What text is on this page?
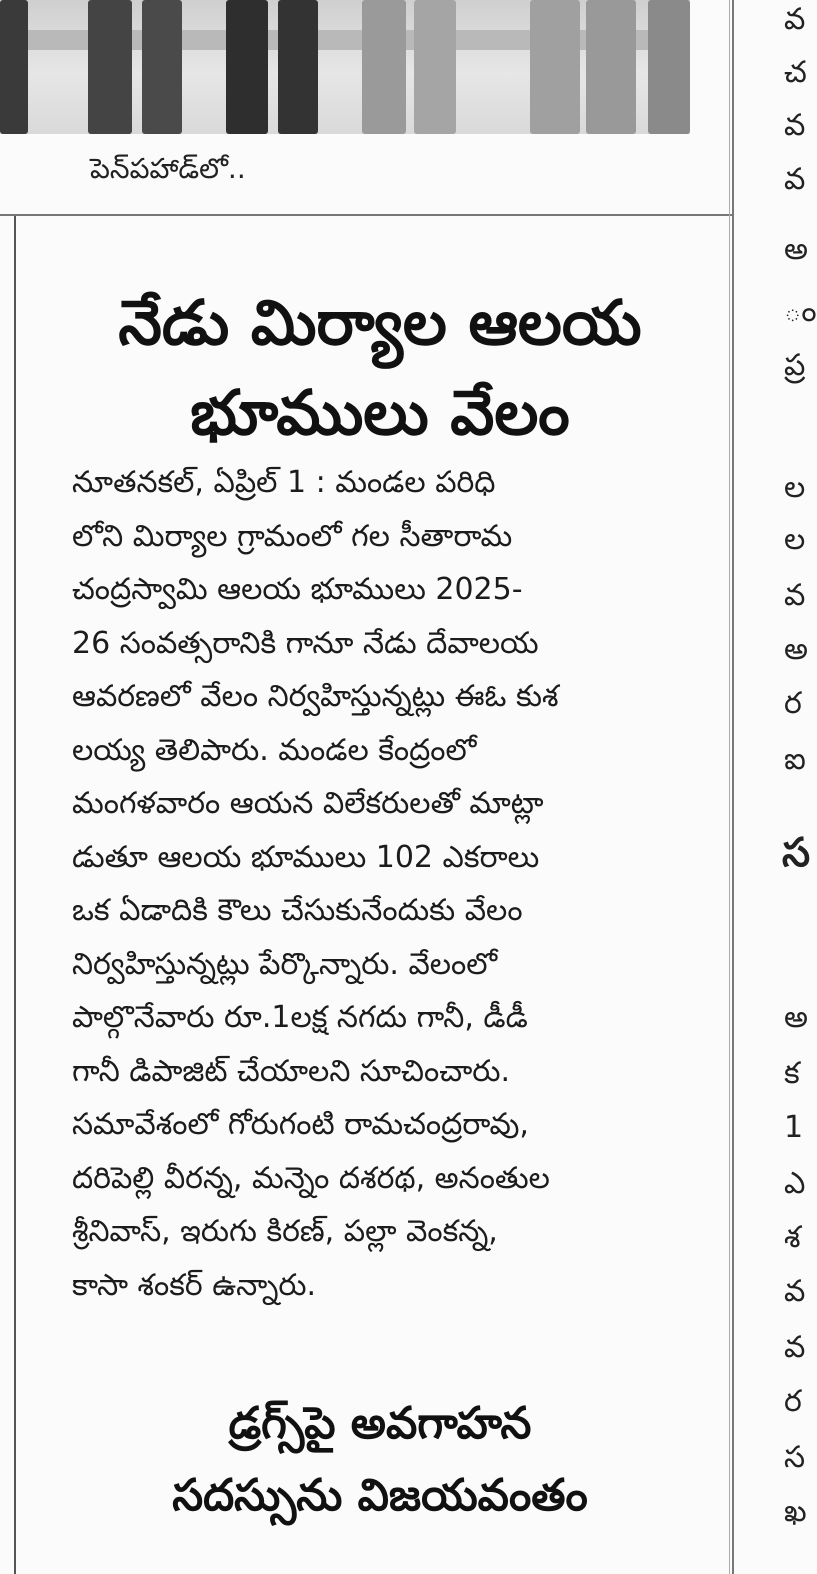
పెన్‌పహాడ్‌లో..
నేడు మిర్యాల ఆలయ
భూములు వేలం
నూతనకల్, ఏప్రిల్ 1 : మండల పరిధి
లోని మిర్యాల గ్రామంలో గల సీతారామ
చంద్రస్వామి ఆలయ భూములు 2025-
26 సంవత్సరానికి గానూ నేడు దేవాలయ
ఆవరణలో వేలం నిర్వహిస్తున్నట్లు ఈఓ కుశ
లయ్య తెలిపారు. మండల కేంద్రంలో
మంగళవారం ఆయన విలేకరులతో మాట్లా
డుతూ ఆలయ భూములు 102 ఎకరాలు
ఒక ఏడాదికి కౌలు చేసుకునేందుకు వేలం
నిర్వహిస్తున్నట్లు పేర్కొన్నారు. వేలంలో
పాల్గొనేవారు రూ.1లక్ష నగదు గానీ, డీడీ
గానీ డిపాజిట్ చేయాలని సూచించారు.
సమావేశంలో గోరుగంటి రామచంద్రరావు,
దరిపెల్లి వీరన్న, మన్నెం దశరథ, అనంతుల
శ్రీనివాస్, ఇరుగు కిరణ్, పల్లా వెంకన్న,
కాసా శంకర్ ఉన్నారు.
డ్రగ్స్‌పై అవగాహన
సదస్సును విజయవంతం
వ
చ
వ
వ
అ
ం
ప్ర
ల
ల
వ
అ
ర
ఐ
స
అ
క
1
ఎ
శ
వ
వ
ర
స
ఖ
